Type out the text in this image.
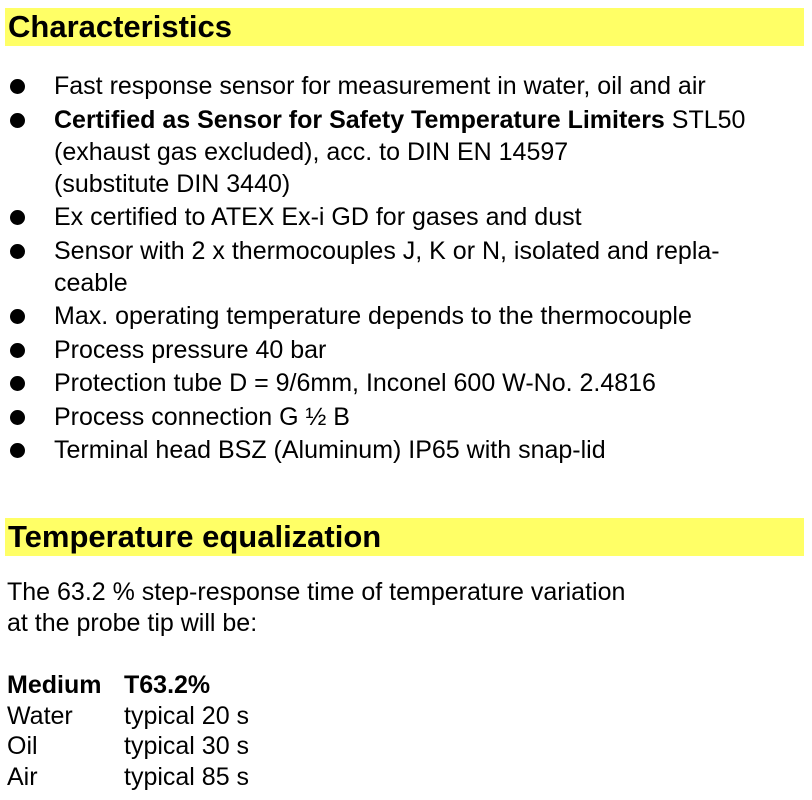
Characteristics
Fast response sensor for measurement in water, oil and air
Certified as Sensor for Safety Temperature Limiters STL50
(exhaust gas excluded), acc. to DIN EN 14597
(substitute DIN 3440)
Ex certified to ATEX Ex-i GD for gases and dust
Sensor with 2 x thermocouples J, K or N, isolated and repla-
ceable
Max. operating temperature depends to the thermocouple
Process pressure 40 bar
Protection tube D = 9/6mm, Inconel 600 W-No. 2.4816
Process connection G ½ B
Terminal head BSZ (Aluminum) IP65 with snap-lid
Temperature equalization

The 63.2 % step-response time of temperature variation
at the probe tip will be:

Medium	T63.2%
Water	typical 20 s
Oil	typical 30 s
Air	typical 85 s
